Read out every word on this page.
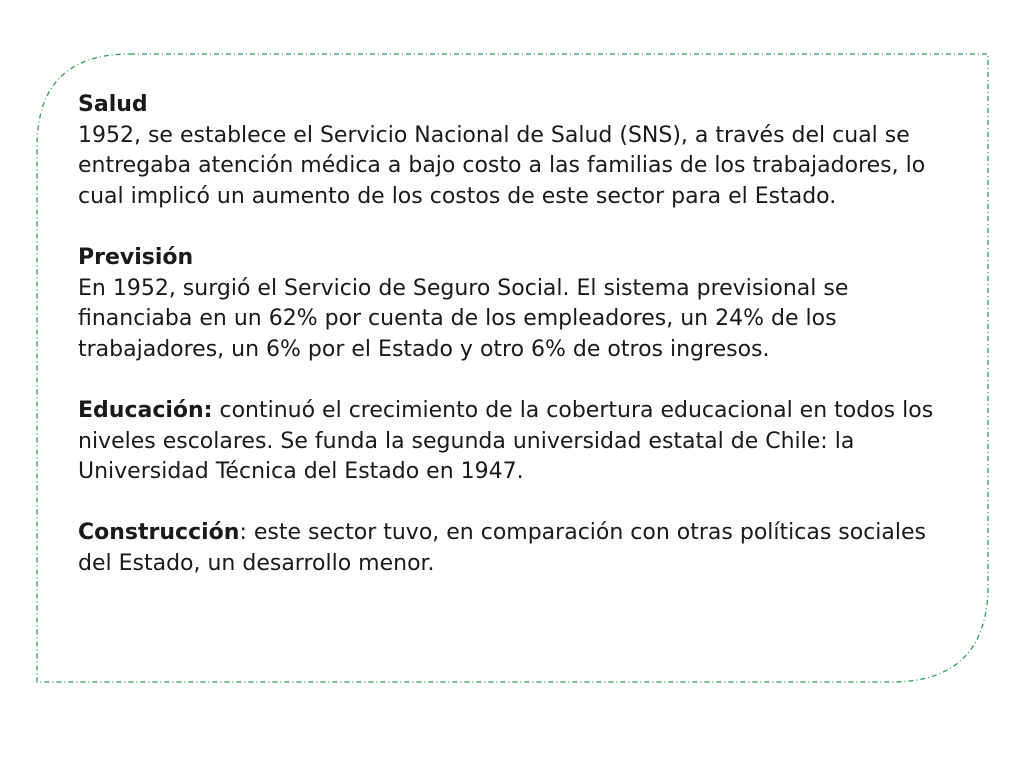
Salud
1952, se establece el Servicio Nacional de Salud (SNS), a través del cual se entregaba atención médica a bajo costo a las familias de los trabajadores, lo cual implicó un aumento de los costos de este sector para el Estado.
Previsión
En 1952, surgió el Servicio de Seguro Social. El sistema previsional se financiaba en un 62% por cuenta de los empleadores, un 24% de los trabajadores, un 6% por el Estado y otro 6% de otros ingresos.
Educación: continuó el crecimiento de la cobertura educacional en todos los niveles escolares. Se funda la segunda universidad estatal de Chile: la Universidad Técnica del Estado en 1947.
Construcción: este sector tuvo, en comparación con otras políticas sociales del Estado, un desarrollo menor.
